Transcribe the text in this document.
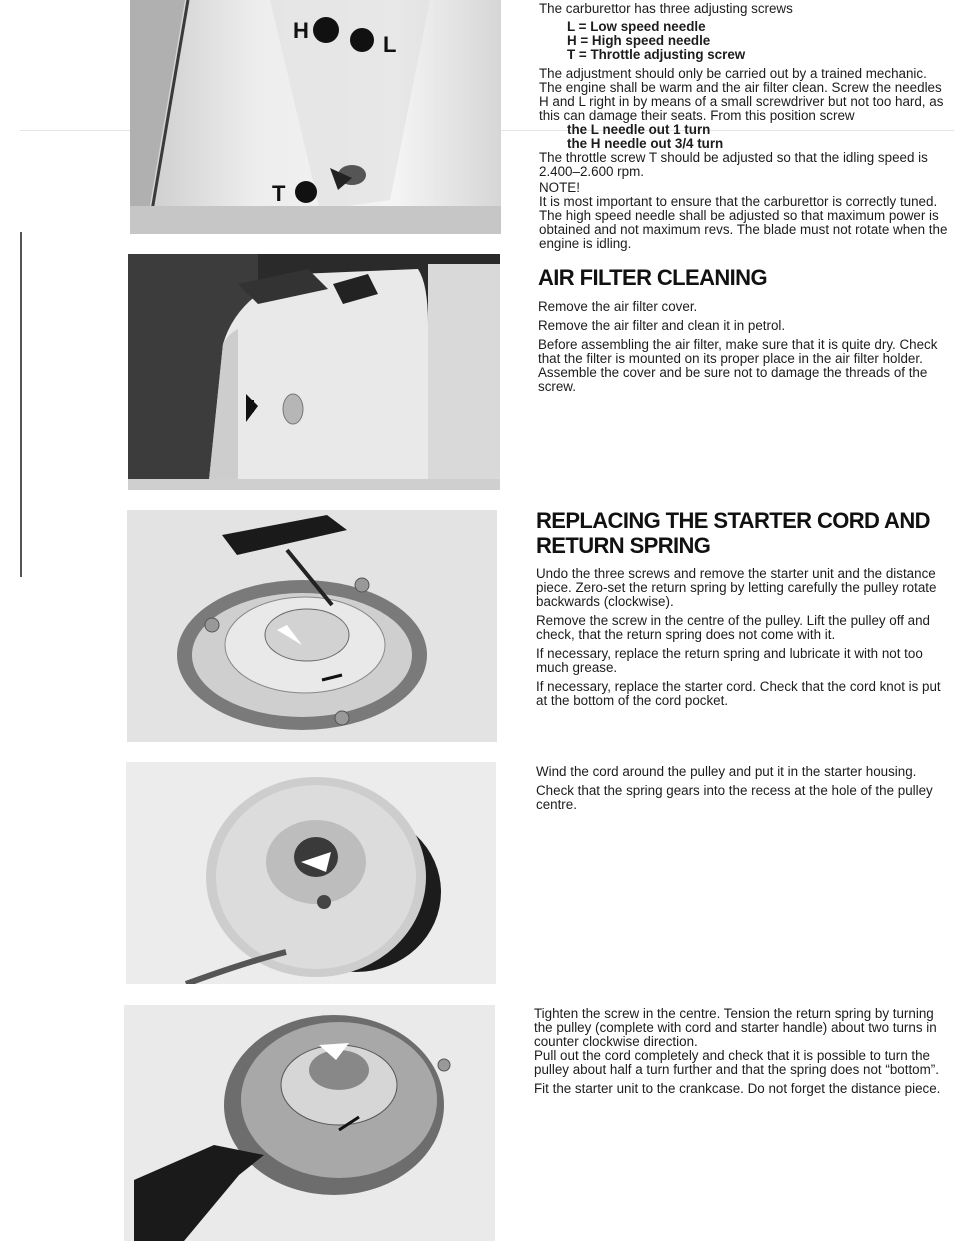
H
L
T

The carburettor has three adjusting screws

L = Low speed needle
H = High speed needle
T = Throttle adjusting screw

The adjustment should only be carried out by a trained mechanic. The engine shall be warm and the air filter clean. Screw the needles H and L right in by means of a small screwdriver but not too hard, as this can damage their seats. From this position screw

the L needle out 1 turn
the H needle out 3/4 turn

The throttle screw T should be adjusted so that the idling speed is 2.400–2.600 rpm.

NOTE!

It is most important to ensure that the carburettor is correctly tuned. The high speed needle shall be adjusted so that maximum power is obtained and not maximum revs. The blade must not rotate when the engine is idling.

AIR FILTER CLEANING

Remove the air filter cover.

Remove the air filter and clean it in petrol.

Before assembling the air filter, make sure that it is quite dry. Check that the filter is mounted on its proper place in the air filter holder. Assemble the cover and be sure not to damage the threads of the screw.

REPLACING THE STARTER CORD AND RETURN SPRING

Undo the three screws and remove the starter unit and the distance piece. Zero-set the return spring by letting carefully the pulley rotate backwards (clockwise).

Remove the screw in the centre of the pulley. Lift the pulley off and check, that the return spring does not come with it.

If necessary, replace the return spring and lubricate it with not too much grease.

If necessary, replace the starter cord. Check that the cord knot is put at the bottom of the cord pocket.

Wind the cord around the pulley and put it in the starter housing.

Check that the spring gears into the recess at the hole of the pulley centre.

Tighten the screw in the centre. Tension the return spring by turning the pulley (complete with cord and starter handle) about two turns in counter clockwise direction.

Pull out the cord completely and check that it is possible to turn the pulley about half a turn further and that the spring does not “bottom”.

Fit the starter unit to the crankcase. Do not forget the distance piece.
